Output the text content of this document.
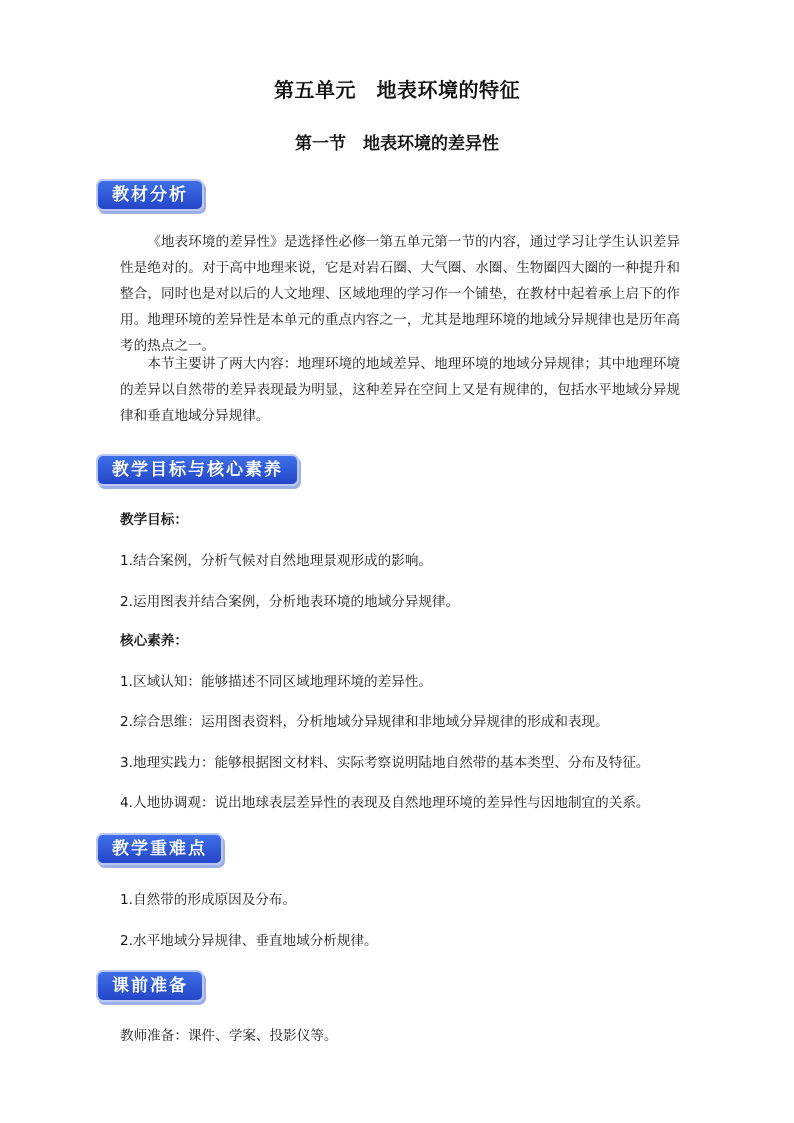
第五单元　地表环境的特征
第一节　地表环境的差异性
教材分析

《地表环境的差异性》是选择性必修一第五单元第一节的内容，通过学习让学生认识差异性是绝对的。对于高中地理来说，它是对岩石圈、大气圈、水圈、生物圈四大圈的一种提升和整合，同时也是对以后的人文地理、区域地理的学习作一个铺垫，在教材中起着承上启下的作用。地理环境的差异性是本单元的重点内容之一，尤其是地理环境的地域分异规律也是历年高考的热点之一。

本节主要讲了两大内容：地理环境的地域差异、地理环境的地域分异规律；其中地理环境的差异以自然带的差异表现最为明显，这种差异在空间上又是有规律的，包括水平地域分异规律和垂直地域分异规律。

教学目标与核心素养
教学目标：
1.结合案例，分析气候对自然地理景观形成的影响。
2.运用图表并结合案例，分析地表环境的地域分异规律。
核心素养：
1.区域认知：能够描述不同区域地理环境的差异性。
2.综合思维：运用图表资料，分析地域分异规律和非地域分异规律的形成和表现。
3.地理实践力：能够根据图文材料、实际考察说明陆地自然带的基本类型、分布及特征。
4.人地协调观：说出地球表层差异性的表现及自然地理环境的差异性与因地制宜的关系。
教学重难点
1.自然带的形成原因及分布。
2.水平地域分异规律、垂直地域分析规律。
课前准备
教师准备：课件、学案、投影仪等。
